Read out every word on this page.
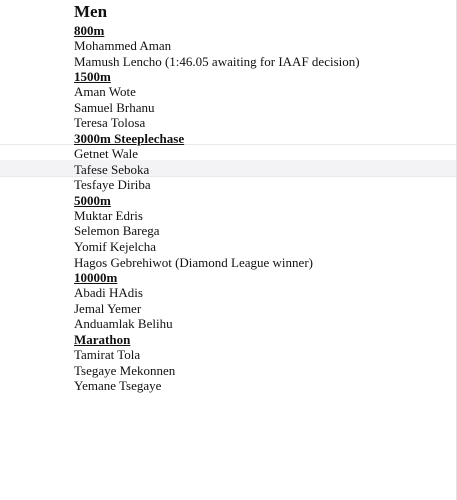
Men
800m
Mohammed Aman
Mamush Lencho (1:46.05 awaiting for IAAF decision)
1500m
Aman Wote
Samuel Brhanu
Teresa Tolosa
3000m Steeplechase
Getnet Wale
Tafese Seboka
Tesfaye Diriba
5000m
Muktar Edris
Selemon Barega
Yomif Kejelcha
Hagos Gebrehiwot (Diamond League winner)
10000m
Abadi HAdis
Jemal Yemer
Anduamlak Belihu
Marathon
Tamirat Tola
Tsegaye Mekonnen
Yemane Tsegaye
